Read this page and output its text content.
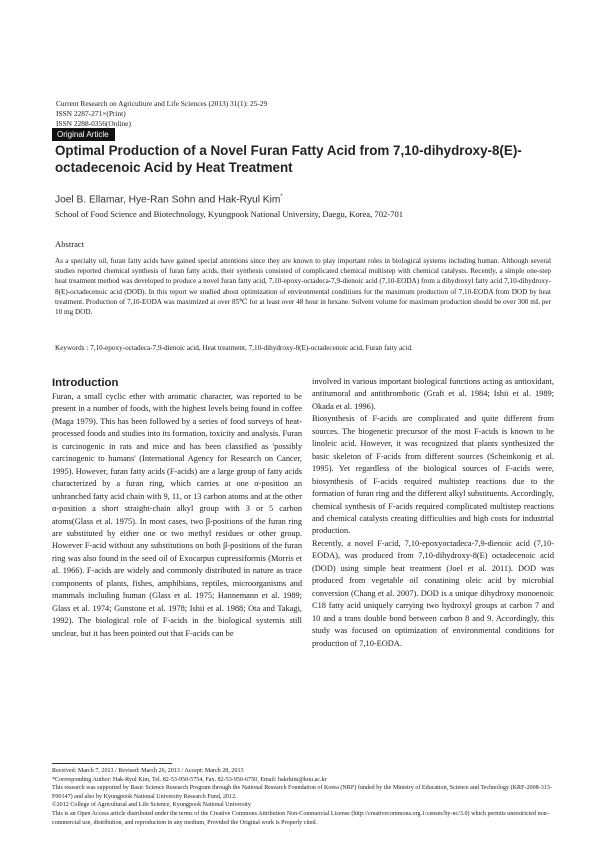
Current Research on Agriculture and Life Sciences (2013) 31(1): 25-29
ISSN 2287-271×(Print)
ISSN 2288-0356(Online)
Original Article
Optimal Production of a Novel Furan Fatty Acid from 7,10-dihydroxy-8(E)-octadecenoic Acid by Heat Treatment
Joel B. Ellamar, Hye-Ran Sohn and Hak-Ryul Kim*
School of Food Science and Biotechnology, Kyungpook National University, Daegu, Korea, 702-701
Abstract
As a specialty oil, furan fatty acids have gained special attentions since they are known to play important roles in biological systems including human. Although several studies reported chemical synthesis of furan fatty acids, their synthesis consisted of complicated chemical multistep with chemical catalysts. Recently, a simple one-step heat treatment method was developed to produce a novel furan fatty acid, 7,10-epoxy-octadeca-7,9-dienoic acid (7,10-EODA) from a dihydroxyl fatty acid 7,10-dihydroxy-8(E)-octadecenoic acid (DOD). In this report we studied about optimization of environmental conditions for the maximum production of 7,10-EODA from DOD by heat treatment. Production of 7,10-EODA was maximized at over 85℃ for at least over 48 hour in hexane. Solvent volume for maximum production should be over 300 mL per 10 mg DOD.
Keywords : 7,10-epoxy-octadeca-7,9-dienoic acid, Heat treatment, 7,10-dihydroxy-8(E)-octadecenoic acid, Furan fatty acid.
Introduction

Furan, a small cyclic ether with aromatic character, was reported to be present in a number of foods, with the highest levels being found in coffee (Maga 1979). This has been followed by a series of food surveys of heat-processed foods and studies into its formation, toxicity and analysis. Furan is carcinogenic in rats and mice and has been classified as 'possibly carcinogenic to humans' (International Agency for Research on Cancer, 1995). However, furan fatty acids (F-acids) are a large group of fatty acids characterized by a furan ring, which carries at one α-position an unbranched fatty acid chain with 9, 11, or 13 carbon atoms and at the other α-position a short straight-chain alkyl group with 3 or 5 carbon atoms(Glass et al. 1975). In most cases, two β-positions of the furan ring are substituted by either one or two methyl residues or other group. However F-acid without any substitutions on both β-positions of the furan ring was also found in the seed oil of Exocarpus cupressiformis (Morris et al. 1966). F-acids are widely and commonly distributed in nature as trace components of plants, fishes, amphibians, reptiles, microorganisms and mammals including human (Glass et al. 1975; Hannemann et al. 1989; Glass et al. 1974; Gunstone et al. 1978; Ishii et al. 1988; Ota and Takagi, 1992). The biological role of F-acids in the biological systemis still unclear, but it has been pointed out that F-acids can be

involved in various important biological functions acting as antioxidant, antitumoral and antithrombotic (Graft et al. 1984; Ishii et al. 1989; Okada et al. 1996).

Biosynthesis of F-acids are complicated and quite different from sources. The biogenetic precursor of the most F-acids is known to be linoleic acid. However, it was recognized that plants synthesized the basic skeleton of F-acids from different sources (Scheinkonig et al. 1995). Yet regardless of the biological sources of F-acids were, biosynthesis of F-acids required multistep reactions due to the formation of furan ring and the different alkyl substituents. Accordingly, chemical synthesis of F-acids required complicated multistep reactions and chemical catalysts creating difficulties and high costs for industrial production.

Recently, a novel F-acid, 7,10-epoxyoctadeca-7,9-dienoic acid (7,10-EODA), was produced from 7,10-dihydroxy-8(E) octadecenoic acid (DOD) using simple heat treatment (Joel et al. 2011). DOD was produced from vegetable oil conatining oleic acid by microbial conversion (Chang et al. 2007). DOD is a unique dihydroxy monoenoic C18 fatty acid uniquely carrying two hydroxyl groups at carbon 7 and 10 and a trans double bond between carbon 8 and 9. Accordingly, this study was focused on optimization of environmental conditions for production of 7,10-EODA.

Received: March 7, 2013 / Revised: March 26, 2013 / Accept: March 28, 2013
*Corresponding Author: Hak-Ryul Kim, Tel. 82-53-950-5754, Fax. 82-53-950-6750, Email: hakrkim@knu.ac.kr
This research was supported by Basic Science Research Program through the National Research Foundation of Korea (NRF) funded by the Ministry of Education, Science and Technology (KRF-2008-313-F00147) and also by Kyungpook National University Research Fund, 2012.
©2012 College of Agricultural and Life Science, Kyungpook National University
This is an Open Access article distributed under the terms of the Creative Commons Attribution Non-Commercial License (http://creativecommons.org.1:censes/by-nc/3.0) which permits unrestricted non-commercial use, distribution, and reproduction in any medium, Provided the Original work is Properly cited.
